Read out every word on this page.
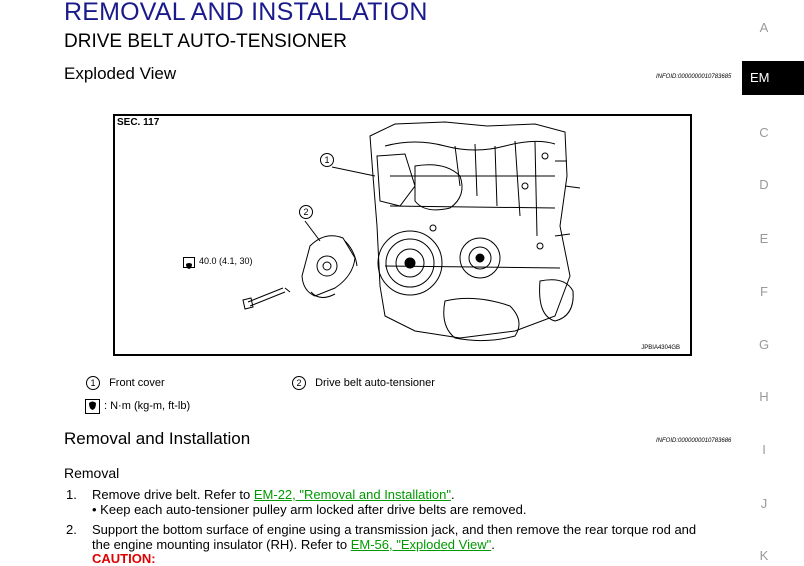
REMOVAL AND INSTALLATION
DRIVE BELT AUTO-TENSIONER
Exploded View	INFOID:0000000010783685
A
EM
C
D
E
F
G
H
I
J
K
SEC. 117
1
2
40.0 (4.1, 30)
JPBIA4304GB
1 Front cover	2 Drive belt auto-tensioner
: N·m (kg-m, ft-lb)
Removal and Installation	INFOID:0000000010783686
Removal
1. Remove drive belt. Refer to EM-22, "Removal and Installation".
• Keep each auto-tensioner pulley arm locked after drive belts are removed.
2. Support the bottom surface of engine using a transmission jack, and then remove the rear torque rod and
the engine mounting insulator (RH). Refer to EM-56, "Exploded View".
CAUTION:
